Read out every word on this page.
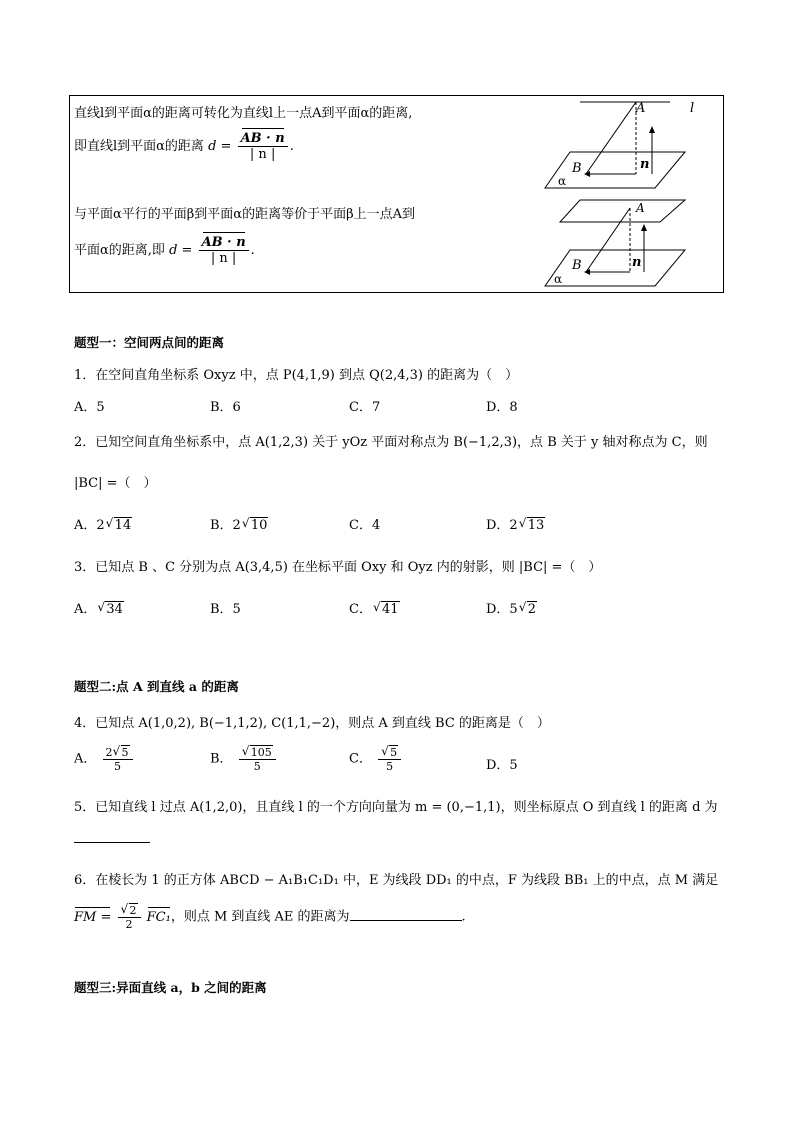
直线l到平面α的距离可转化为直线l上一点A到平面α的距离,
即直线l到平面α的距离 $d = \frac{AB \cdot n}{| n |}$ .
与平面α平行的平面β到平面α的距离等价于平面β上一点A到
平面α的距离,即 $d = \frac{AB \cdot n}{| n |}$ .
l
A
B	n
α
A
B	n
α
题型一：空间两点间的距离
1．在空间直角坐标系 Oxyz 中，点 P(4,1,9) 到点 Q(2,4,3) 的距离为（　）
A．5	B．6	C．7	D．8
2．已知空间直角坐标系中，点 A(1,2,3) 关于 yOz 平面对称点为 B(−1,2,3)，点 B 关于 y 轴对称点为 C，则
|BC| =（　）
A．2 √ 14	B．2 √ 10	C．4	D．2 √ 13
3．已知点 B 、C 分别为点 A(3,4,5) 在坐标平面 Oxy 和 Oyz 内的射影，则 |BC| =（　）
A． √ 34	B．5	C． √ 41	D．5 √ 2
题型二:点 A 到直线 a 的距离
4．已知点 A(1,0,2), B(−1,1,2), C(1,1,−2)，则点 A 到直线 BC 的距离是（　）
A． $\frac{2 √ 5}{5}$	B． √ $\frac{105}{5}$	C． √ $\frac{5}{5}$	D．5
5．已知直线 l 过点 A(1,2,0)，且直线 l 的一个方向向量为 m = (0,−1,1)，则坐标原点 O 到直线 l 的距离 d 为
6．在棱长为 1 的正方体 ABCD − A₁B₁C₁D₁ 中，E 为线段 DD₁ 的中点，F 为线段 BB₁ 上的中点，点 M 满足
FM = √ $\frac{2}{2} FC_1$，则点 M 到直线 AE 的距离为	.
题型三:异面直线 a，b 之间的距离
